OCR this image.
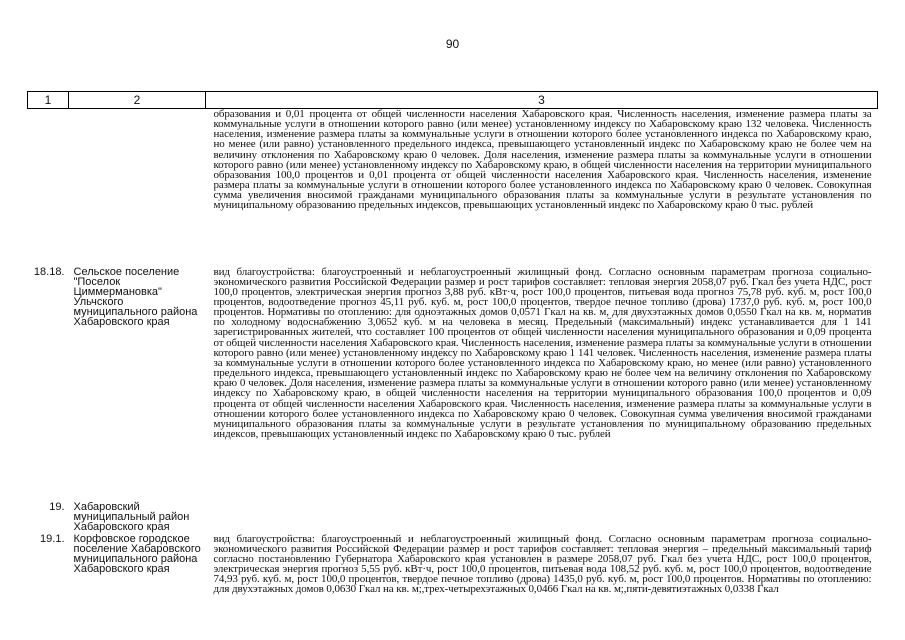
90
1	2	3
		образования и 0,01 процента от общей численности населения Хабаровского края. Численность населения, изменение размера платы за коммунальные услуги в отношении которого равно (или менее) установленному индексу по Хабаровскому краю 132 человека. Численность населения, изменение размера платы за коммунальные услуги в отношении которого более установленного индекса по Хабаровскому краю, но менее (или равно) установленного предельного индекса, превышающего установленный индекс по Хабаровскому краю не более чем на величину отклонения по Хабаровскому краю 0 человек. Доля населения, изменение размера платы за коммунальные услуги в отношении которого равно (или менее) установленному индексу по Хабаровскому краю, в общей численности населения на территории муниципального образования 100,0 процентов и 0,01 процента от общей численности населения Хабаровского края. Численность населения, изменение размера платы за коммунальные услуги в отношении которого более установленного индекса по Хабаровскому краю 0 человек. Совокупная сумма увеличения вносимой гражданами муниципального образования платы за коммунальные услуги в результате установления по муниципальному образованию предельных индексов, превышающих установленный индекс по Хабаровскому краю 0 тыс. рублей
18.18.	Сельское поселение "Поселок Циммермановка" Ульчского муниципального района Хабаровского края	вид благоустройства: благоустроенный и неблагоустроенный жилищный фонд. Согласно основным параметрам прогноза социально-экономического развития Российской Федерации размер и рост тарифов составляет: тепловая энергия 2058,07 руб. Гкал без учета НДС, рост 100,0 процентов, электрическая энергия прогноз 3,88 руб. кВт·ч, рост 100,0 процентов, питьевая вода прогноз 75,78 руб. куб. м, рост 100,0 процентов, водоотведение прогноз 45,11 руб. куб. м, рост 100,0 процентов, твердое печное топливо (дрова) 1737,0 руб. куб. м, рост 100,0 процентов. Нормативы по отоплению: для одноэтажных домов 0,0571 Гкал на кв. м, для двухэтажных домов 0,0550 Гкал на кв. м, норматив по холодному водоснабжению 3,0652 куб. м на человека в месяц. Предельный (максимальный) индекс устанавливается для 1 141 зарегистрированных жителей, что составляет 100 процентов от общей численности населения муниципального образования и 0,09 процента от общей численности населения Хабаровского края. Численность населения, изменение размера платы за коммунальные услуги в отношении которого равно (или менее) установленному индексу по Хабаровскому краю 1 141 человек. Численность населения, изменение размера платы за коммунальные услуги в отношении которого более установленного индекса по Хабаровскому краю, но менее (или равно) установленного предельного индекса, превышающего установленный индекс по Хабаровскому краю не более чем на величину отклонения по Хабаровскому краю 0 человек. Доля населения, изменение размера платы за коммунальные услуги в отношении которого равно (или менее) установленному индексу по Хабаровскому краю, в общей численности населения на территории муниципального образования 100,0 процентов и 0,09 процента от общей численности населения Хабаровского края. Численность населения, изменение размера платы за коммунальные услуги в отношении которого более установленного индекса по Хабаровскому краю 0 человек. Совокупная сумма увеличения вносимой гражданами муниципального образования платы за коммунальные услуги в результате установления по муниципальному образованию предельных индексов, превышающих установленный индекс по Хабаровскому краю 0 тыс. рублей
19.	Хабаровский муниципальный район Хабаровского края	
19.1.	Корфовское городское поселение Хабаровского муниципального района Хабаровского края	вид благоустройства: благоустроенный и неблагоустроенный жилищный фонд. Согласно основным параметрам прогноза социально-экономического развития Российской Федерации размер и рост тарифов составляет: тепловая энергия – предельный максимальный тариф согласно постановлению Губернатора Хабаровского края установлен в размере 2058,07 руб. Гкал без учета НДС, рост 100,0 процентов, электрическая энергия прогноз 5,55 руб. кВт·ч, рост 100,0 процентов, питьевая вода 108,52 руб. куб. м, рост 100,0 процентов, водоотведение 74,93 руб. куб. м, рост 100,0 процентов, твердое печное топливо (дрова) 1435,0 руб. куб. м, рост 100,0 процентов. Нормативы по отоплению: для двухэтажных домов 0,0630 Гкал на кв. м;,трех-четырехэтажных 0,0466 Гкал на кв. м;,пяти-девятиэтажных 0,0338 Гкал
